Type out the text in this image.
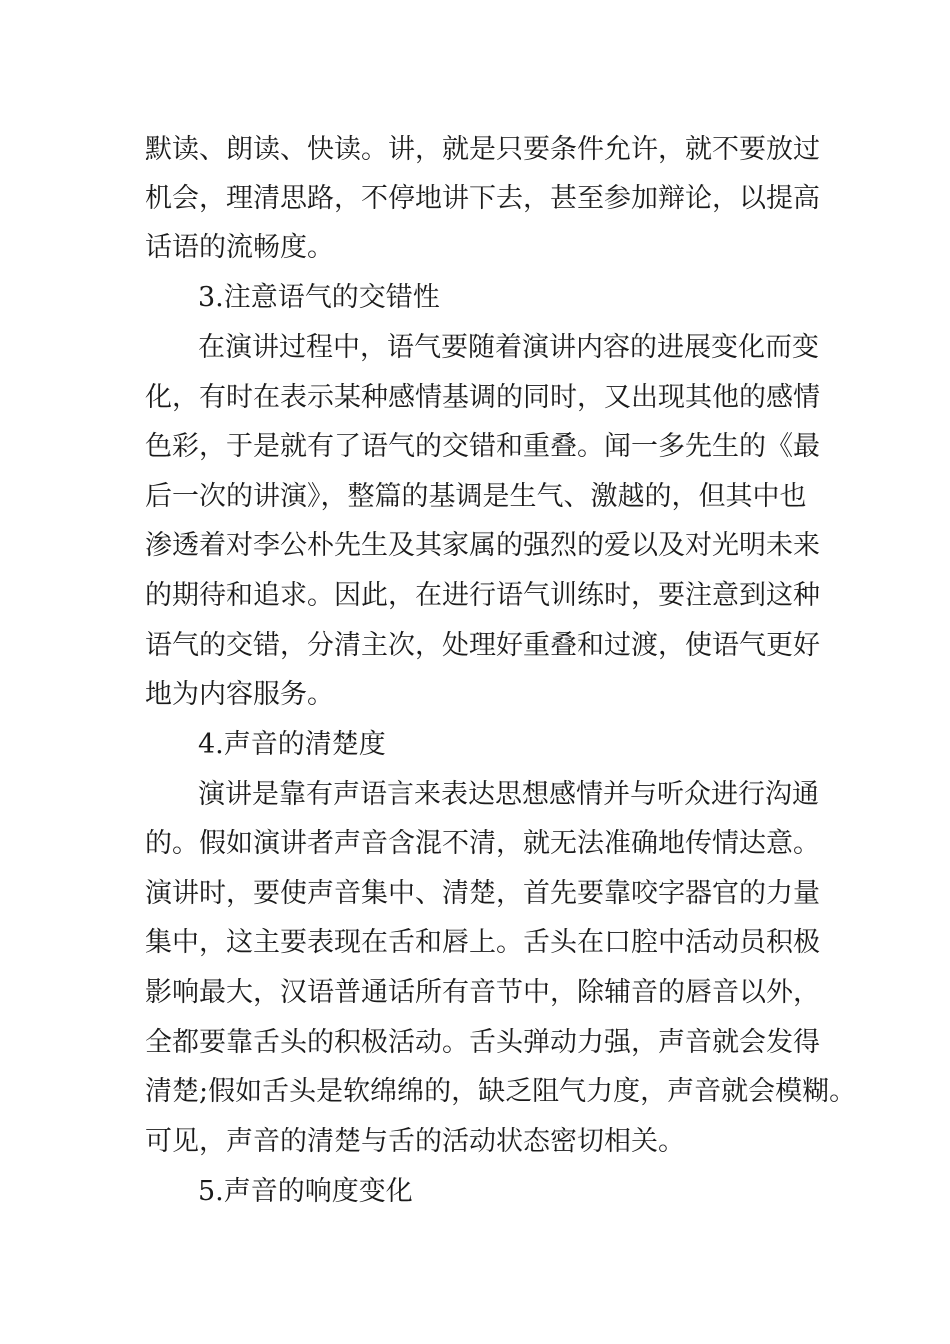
默读、朗读、快读。讲，就是只要条件允许，就不要放过

机会，理清思路，不停地讲下去，甚至参加辩论，以提高

话语的流畅度。

3.注意语气的交错性

在演讲过程中，语气要随着演讲内容的进展变化而变

化，有时在表示某种感情基调的同时，又出现其他的感情

色彩，于是就有了语气的交错和重叠。闻一多先生的《最

后一次的讲演》，整篇的基调是生气、激越的，但其中也

渗透着对李公朴先生及其家属的强烈的爱以及对光明未来

的期待和追求。因此，在进行语气训练时，要注意到这种

语气的交错，分清主次，处理好重叠和过渡，使语气更好

地为内容服务。

4.声音的清楚度

演讲是靠有声语言来表达思想感情并与听众进行沟通

的。假如演讲者声音含混不清，就无法准确地传情达意。

演讲时，要使声音集中、清楚，首先要靠咬字器官的力量

集中，这主要表现在舌和唇上。舌头在口腔中活动员积极

影响最大，汉语普通话所有音节中，除辅音的唇音以外，

全都要靠舌头的积极活动。舌头弹动力强，声音就会发得

清楚;假如舌头是软绵绵的，缺乏阻气力度，声音就会模糊。

可见，声音的清楚与舌的活动状态密切相关。

5.声音的响度变化
